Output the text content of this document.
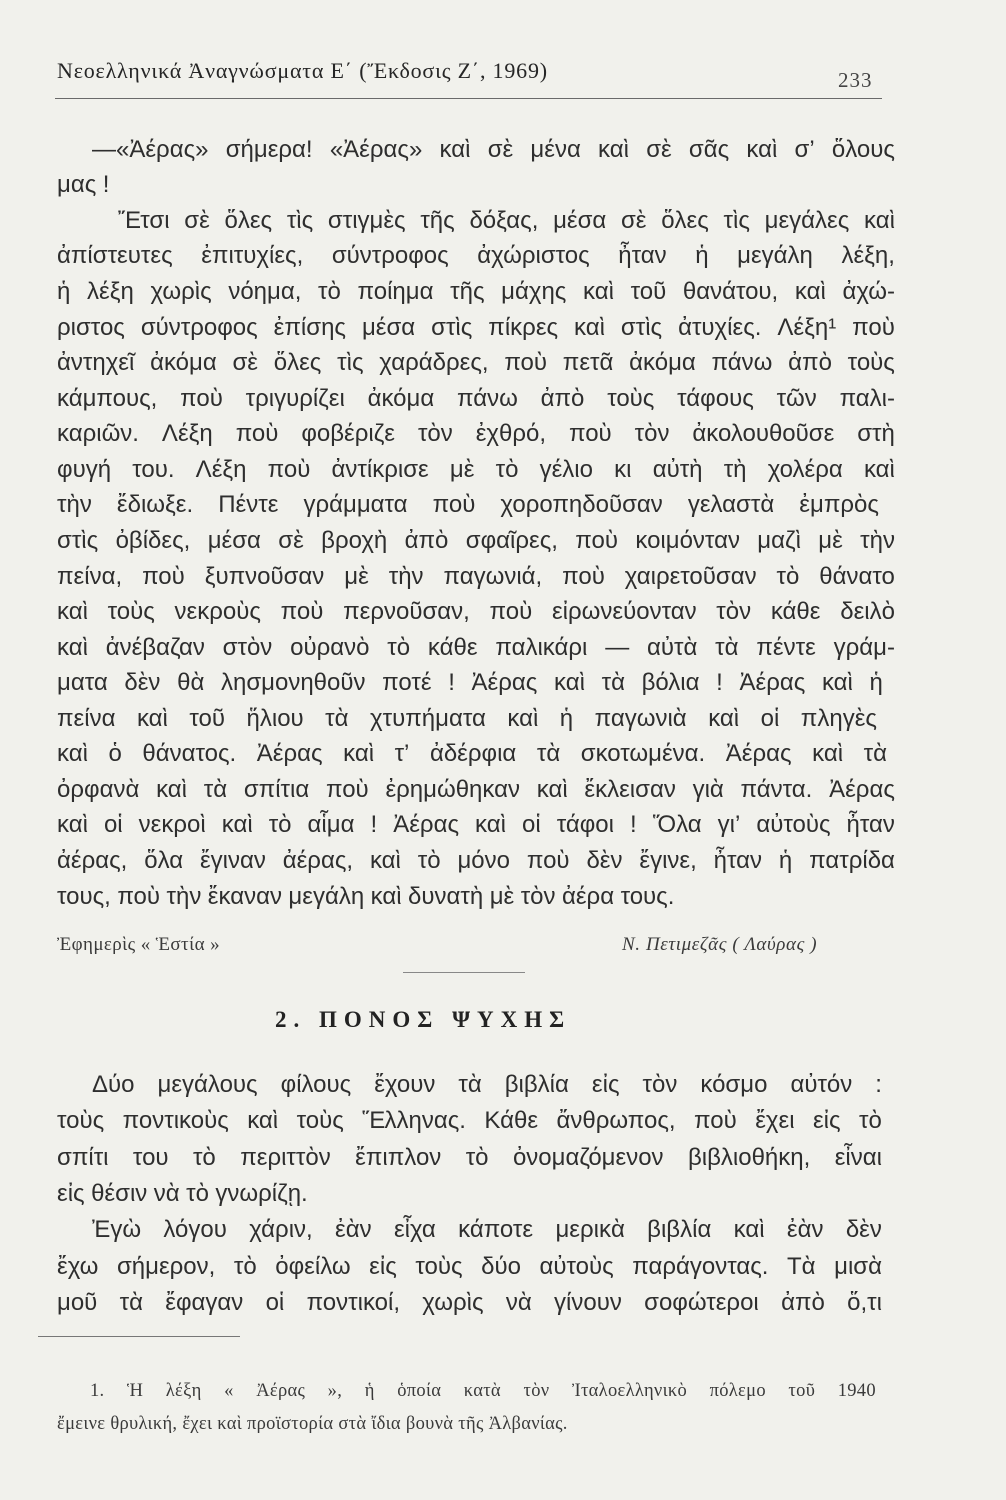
Νεοελληνικά Ἀναγνώσματα Ε΄ (Ἔκδοσις Ζ΄, 1969)	233
—«Ἀέρας» σήμερα! «Ἀέρας» καὶ σὲ μένα καὶ σὲ σᾶς καὶ σ’ ὅλους
μας !
Ἔτσι σὲ ὅλες τὶς στιγμὲς τῆς δόξας, μέσα σὲ ὅλες τὶς μεγάλες καὶ
ἀπίστευτες ἐπιτυχίες, σύντροφος ἀχώριστος ἦταν ἡ μεγάλη λέξη,
ἡ λέξη χωρὶς νόημα, τὸ ποίημα τῆς μάχης καὶ τοῦ θανάτου, καὶ ἀχώ-
ριστος σύντροφος ἐπίσης μέσα στὶς πίκρες καὶ στὶς ἀτυχίες. Λέξη¹ ποὺ
ἀντηχεῖ ἀκόμα σὲ ὅλες τὶς χαράδρες, ποὺ πετᾶ ἀκόμα πάνω ἀπὸ τοὺς
κάμπους, ποὺ τριγυρίζει ἀκόμα πάνω ἀπὸ τοὺς τάφους τῶν παλι-
καριῶν. Λέξη ποὺ φοβέριζε τὸν ἐχθρό, ποὺ τὸν ἀκολουθοῦσε στὴ
φυγή του. Λέξη ποὺ ἀντίκρισε μὲ τὸ γέλιο κι αὐτὴ τὴ χολέρα καὶ
τὴν ἔδιωξε. Πέντε γράμματα ποὺ χοροπηδοῦσαν γελαστὰ ἐμπρὸς
στὶς ὀβίδες, μέσα σὲ βροχὴ ἀπὸ σφαῖρες, ποὺ κοιμόνταν μαζὶ μὲ τὴν
πείνα, ποὺ ξυπνοῦσαν μὲ τὴν παγωνιά, ποὺ χαιρετοῦσαν τὸ θάνατο
καὶ τοὺς νεκροὺς ποὺ περνοῦσαν, ποὺ εἰρωνεύονταν τὸν κάθε δειλὸ
καὶ ἀνέβαζαν στὸν οὐρανὸ τὸ κάθε παλικάρι — αὐτὰ τὰ πέντε γράμ-
ματα δὲν θὰ λησμονηθοῦν ποτέ ! Ἀέρας καὶ τὰ βόλια ! Ἀέρας καὶ ἡ
πείνα καὶ τοῦ ἥλιου τὰ χτυπήματα καὶ ἡ παγωνιὰ καὶ οἱ πληγὲς
καὶ ὁ θάνατος. Ἀέρας καὶ τ’ ἀδέρφια τὰ σκοτωμένα. Ἀέρας καὶ τὰ
ὀρφανὰ καὶ τὰ σπίτια ποὺ ἐρημώθηκαν καὶ ἔκλεισαν γιὰ πάντα. Ἀέρας
καὶ οἱ νεκροὶ καὶ τὸ αἷμα ! Ἀέρας καὶ οἱ τάφοι ! Ὅλα γι’ αὐτοὺς ἦταν
ἀέρας, ὅλα ἔγιναν ἀέρας, καὶ τὸ μόνο ποὺ δὲν ἔγινε, ἦταν ἡ πατρίδα
τους, ποὺ τὴν ἔκαναν μεγάλη καὶ δυνατὴ μὲ τὸν ἀέρα τους.
Ἐφημερὶς « Ἑστία »	Ν. Πετιμεζᾶς ( Λαύρας )
2. ΠΟΝΟΣ ΨΥΧΗΣ
Δύο μεγάλους φίλους ἔχουν τὰ βιβλία εἰς τὸν κόσμο αὐτόν :
τοὺς ποντικοὺς καὶ τοὺς Ἕλληνας. Κάθε ἄνθρωπος, ποὺ ἔχει εἰς τὸ
σπίτι του τὸ περιττὸν ἔπιπλον τὸ ὀνομαζόμενον βιβλιοθήκη, εἶναι
εἰς θέσιν νὰ τὸ γνωρίζῃ.
Ἐγὼ λόγου χάριν, ἐὰν εἶχα κάποτε μερικὰ βιβλία καὶ ἐὰν δὲν
ἔχω σήμερον, τὸ ὀφείλω εἰς τοὺς δύο αὐτοὺς παράγοντας. Τὰ μισὰ
μοῦ τὰ ἔφαγαν οἱ ποντικοί, χωρὶς νὰ γίνουν σοφώτεροι ἀπὸ ὅ,τι
1. Ἡ λέξη « Ἀέρας », ἡ ὁποία κατὰ τὸν Ἰταλοελληνικὸ πόλεμο τοῦ 1940
ἔμεινε θρυλική, ἔχει καὶ προϊστορία στὰ ἴδια βουνὰ τῆς Ἀλβανίας.
